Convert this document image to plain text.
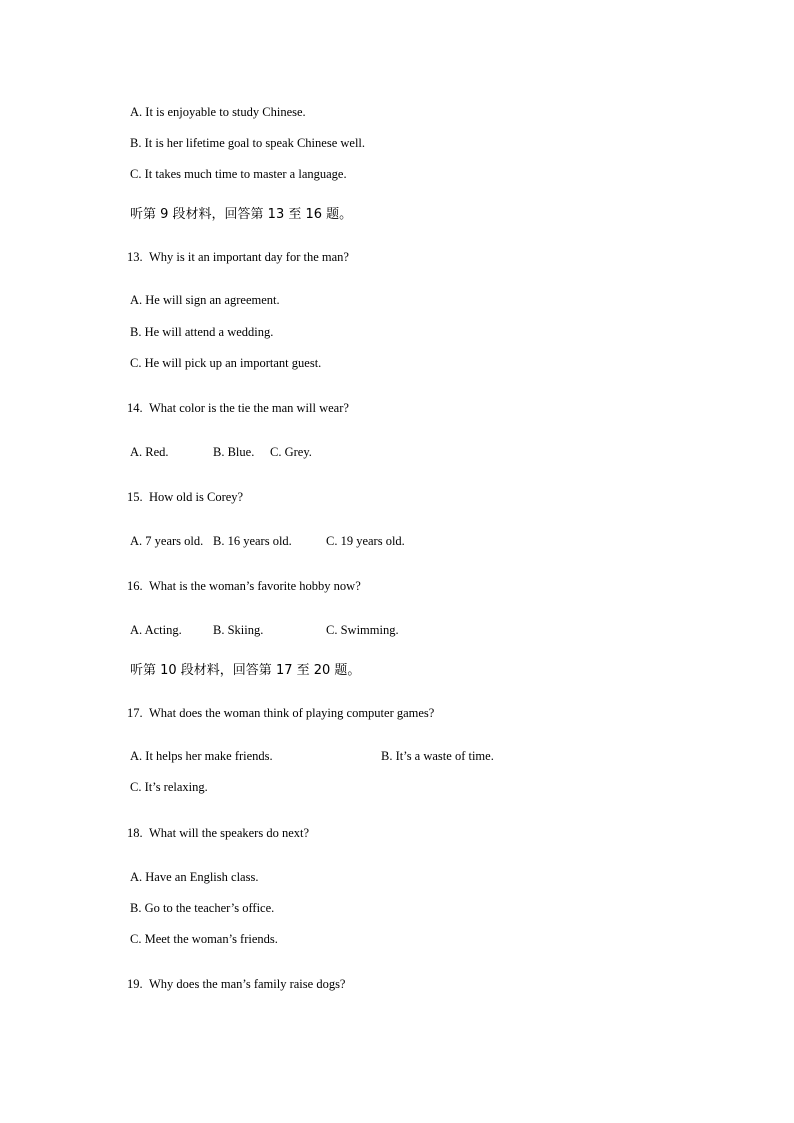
A. It is enjoyable to study Chinese.
B. It is her lifetime goal to speak Chinese well.
C. It takes much time to master a language.
听第 9 段材料，回答第 13 至 16 题。
13. Why is it an important day for the man?
A. He will sign an agreement.
B. He will attend a wedding.
C. He will pick up an important guest.
14. What color is the tie the man will wear?
A. Red.	B. Blue. C. Grey.
15. How old is Corey?
A. 7 years old. B. 16 years old.	C. 19 years old.
16. What is the woman’s favorite hobby now?
A. Acting.	B. Skiing.	C. Swimming.
听第 10 段材料，回答第 17 至 20 题。
17. What does the woman think of playing computer games?
A. It helps her make friends.	B. It’s a waste of time.
C. It’s relaxing.
18. What will the speakers do next?
A. Have an English class.
B. Go to the teacher’s office.
C. Meet the woman’s friends.
19. Why does the man’s family raise dogs?
